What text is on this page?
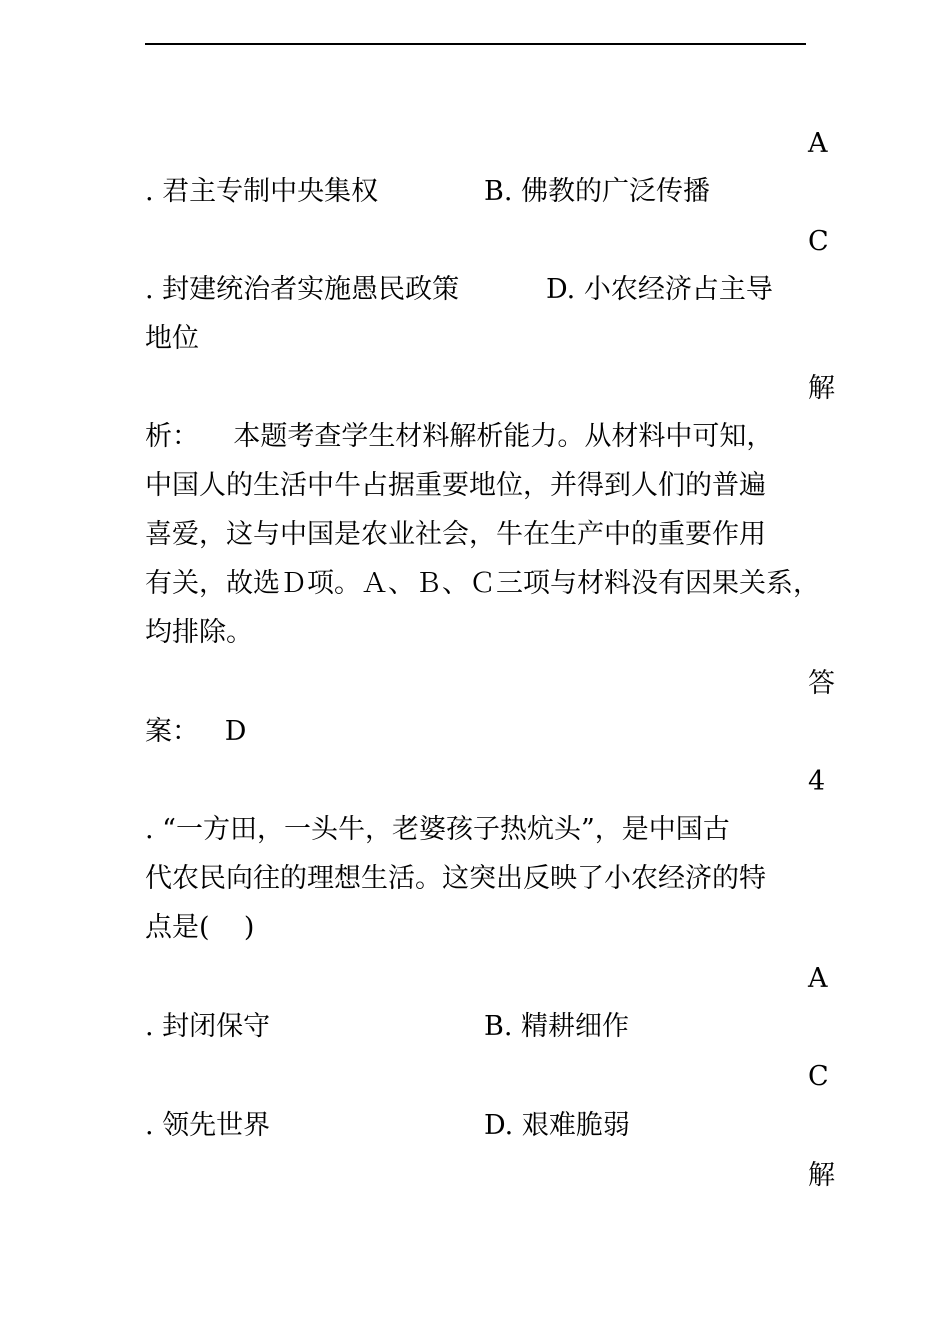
A
. 君主专制中央集权	B. 佛教的广泛传播
C
. 封建统治者实施愚民政策	D. 小农经济占主导
地位
解
析：    本题考查学生材料解析能力。从材料中可知，
中国人的生活中牛占据重要地位，并得到人们的普遍
喜爱，这与中国是农业社会，牛在生产中的重要作用
有关，故选Ｄ项。Ａ、Ｂ、Ｃ三项与材料没有因果关系，
均排除。
答
案：   D
4
. “一方田，一头牛，老婆孩子热炕头”，是中国古
代农民向往的理想生活。这突出反映了小农经济的特
点是(    )
A
. 封闭保守	B. 精耕细作
C
. 领先世界	D. 艰难脆弱
解
